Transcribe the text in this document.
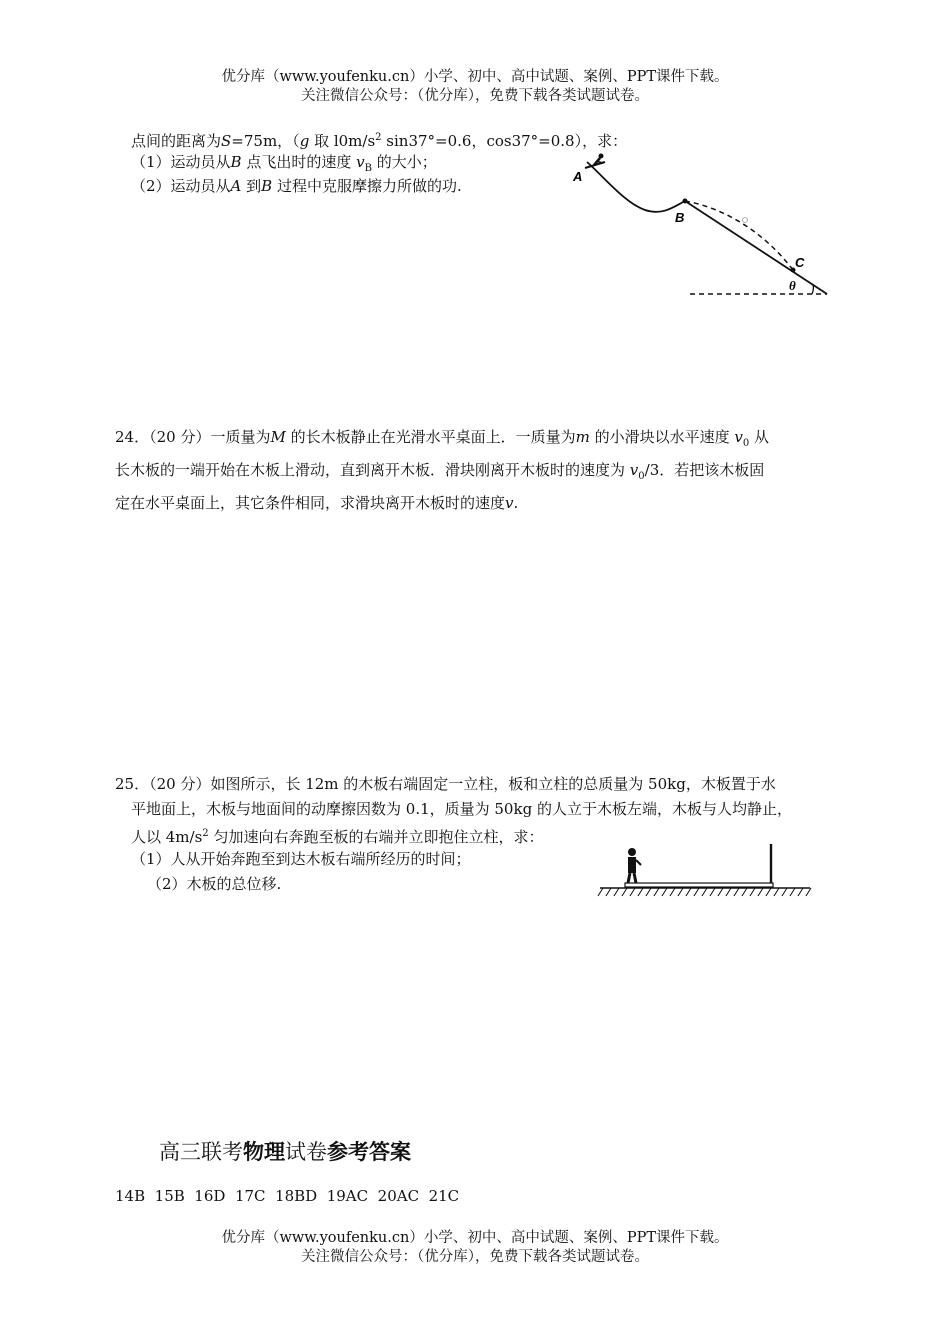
优分库（www.youfenku.cn）小学、初中、高中试题、案例、PPT课件下载。
关注微信公众号：（优分库），免费下载各类试题试卷。
点间的距离为S=75m，（g 取 $l0m/s^2$ sin37°=0.6，cos37°=0.8），求：
（1）运动员从B 点飞出时的速度 $v_B$ 的大小；
（2）运动员从A 到B 过程中克服摩擦力所做的功.
A
B
C
θ
24．（20 分）一质量为M 的长木板静止在光滑水平桌面上．一质量为m 的小滑块以水平速度 $v_0$ 从
长木板的一端开始在木板上滑动，直到离开木板．滑块刚离开木板时的速度为 $v_0/3$．若把该木板固
定在水平桌面上，其它条件相同，求滑块离开木板时的速度v.
25．（20 分）如图所示，长 12m 的木板右端固定一立柱，板和立柱的总质量为 50kg，木板置于水
平地面上，木板与地面间的动摩擦因数为 0.1，质量为 50kg 的人立于木板左端，木板与人均静止，
人以 $4m/s^2$ 匀加速向右奔跑至板的右端并立即抱住立柱，求：
（1）人从开始奔跑至到达木板右端所经历的时间；
（2）木板的总位移.
高三联考物理试卷参考答案
14B  15B  16D  17C  18BD  19AC  20AC  21C
优分库（www.youfenku.cn）小学、初中、高中试题、案例、PPT课件下载。
关注微信公众号：（优分库），免费下载各类试题试卷。
